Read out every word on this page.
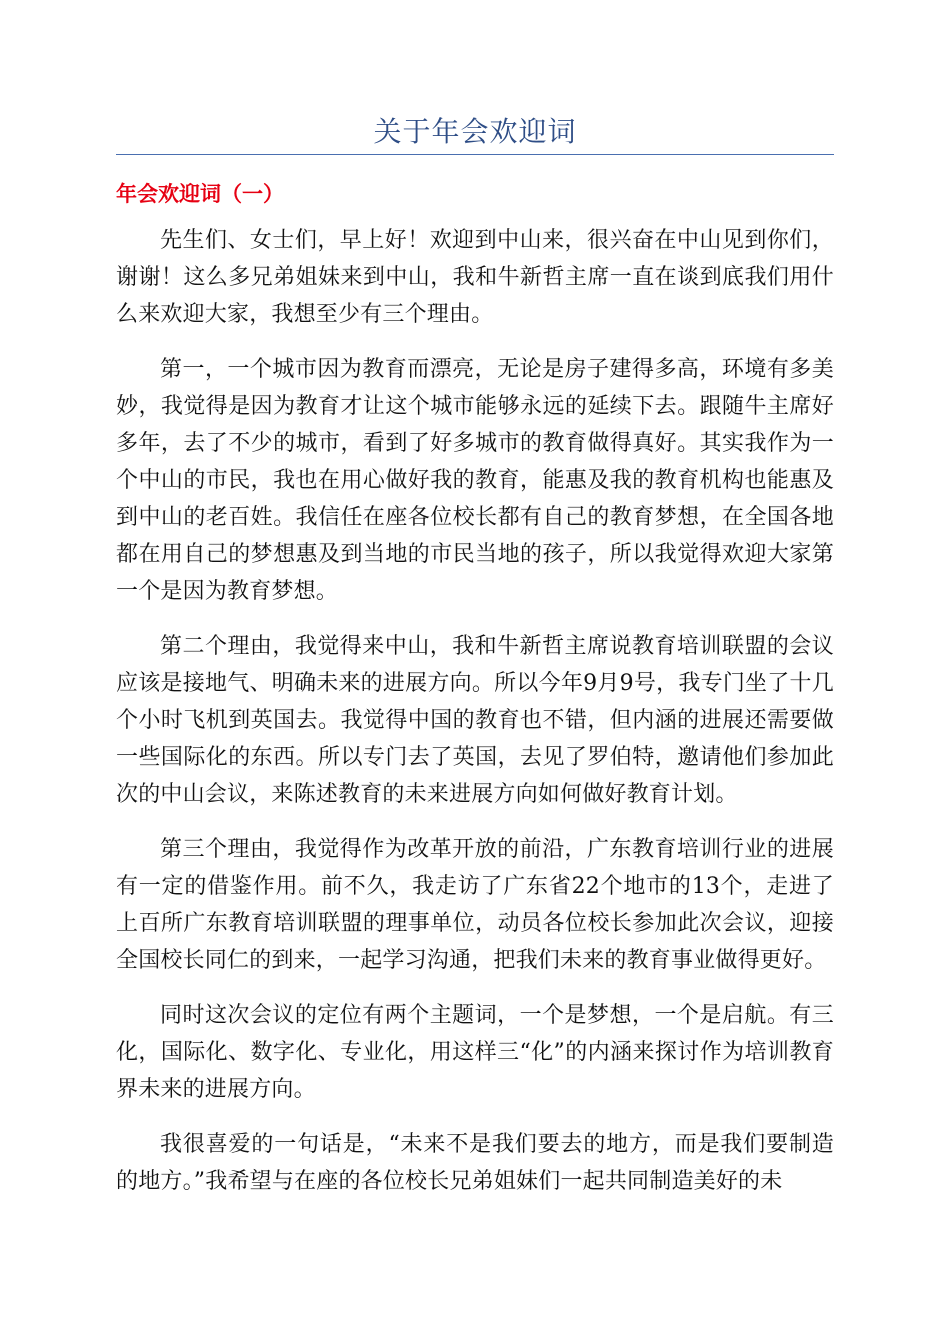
关于年会欢迎词
年会欢迎词（一）

先生们、女士们，早上好！欢迎到中山来，很兴奋在中山见到你们，谢谢！这么多兄弟姐妹来到中山，我和牛新哲主席一直在谈到底我们用什么来欢迎大家，我想至少有三个理由。

第一，一个城市因为教育而漂亮，无论是房子建得多高，环境有多美妙，我觉得是因为教育才让这个城市能够永远的延续下去。跟随牛主席好多年，去了不少的城市，看到了好多城市的教育做得真好。其实我作为一个中山的市民，我也在用心做好我的教育，能惠及我的教育机构也能惠及到中山的老百姓。我信任在座各位校长都有自己的教育梦想，在全国各地都在用自己的梦想惠及到当地的市民当地的孩子，所以我觉得欢迎大家第一个是因为教育梦想。

第二个理由，我觉得来中山，我和牛新哲主席说教育培训联盟的会议应该是接地气、明确未来的进展方向。所以今年9月9号，我专门坐了十几个小时飞机到英国去。我觉得中国的教育也不错，但内涵的进展还需要做一些国际化的东西。所以专门去了英国，去见了罗伯特，邀请他们参加此次的中山会议，来陈述教育的未来进展方向如何做好教育计划。

第三个理由，我觉得作为改革开放的前沿，广东教育培训行业的进展有一定的借鉴作用。前不久，我走访了广东省22个地市的13个，走进了上百所广东教育培训联盟的理事单位，动员各位校长参加此次会议，迎接全国校长同仁的到来，一起学习沟通，把我们未来的教育事业做得更好。

同时这次会议的定位有两个主题词，一个是梦想，一个是启航。有三化，国际化、数字化、专业化，用这样三“化”的内涵来探讨作为培训教育界未来的进展方向。

我很喜爱的一句话是，“未来不是我们要去的地方，而是我们要制造的地方。”我希望与在座的各位校长兄弟姐妹们一起共同制造美好的未
